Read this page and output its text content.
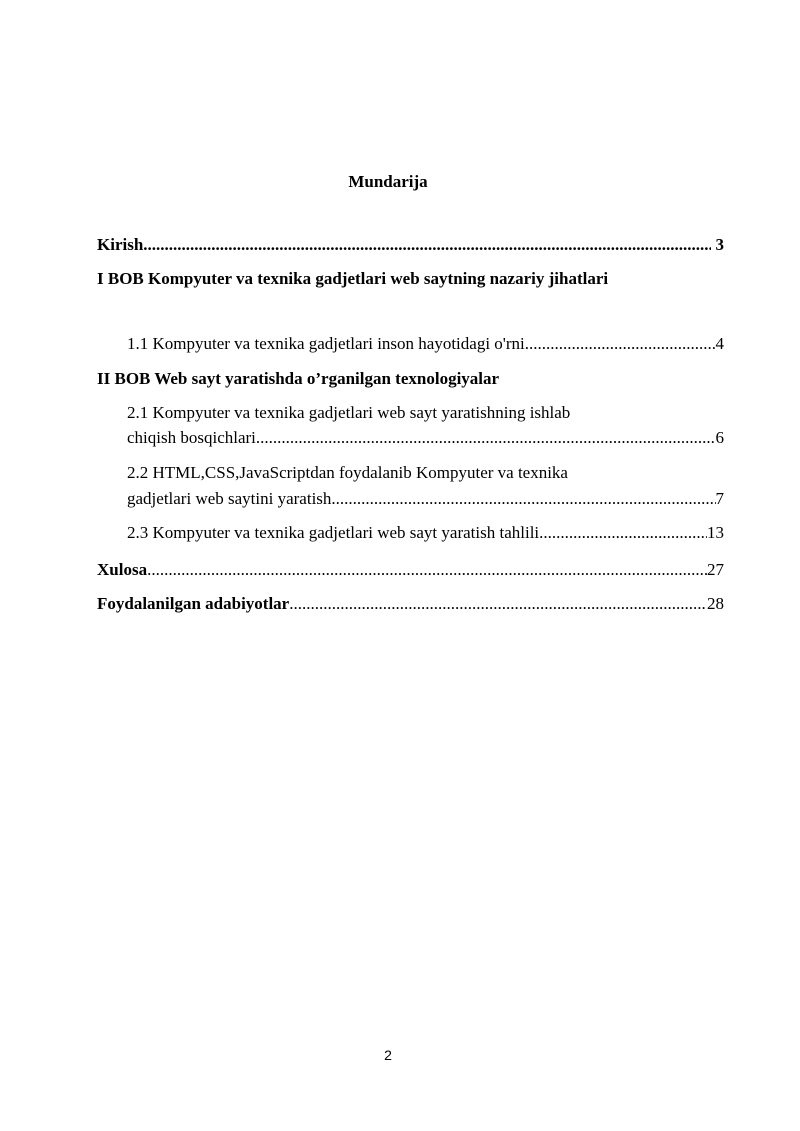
Mundarija
Kirish .....	3
I BOB Kompyuter va texnika gadjetlari web saytning nazariy jihatlari
1.1 Kompyuter va texnika gadjetlari inson hayotidagi o'rni .....	4
II BOB Web sayt yaratishda o’rganilgan texnologiyalar
2.1 Kompyuter va texnika gadjetlari web sayt yaratishning ishlab
chiqish bosqichlari .....	6
2.2 HTML,CSS,JavaScriptdan foydalanib Kompyuter va texnika
gadjetlari web saytini yaratish .....	7
2.3 Kompyuter va texnika gadjetlari web sayt yaratish tahlili .....	13
Xulosa .....	27
Foydalanilgan adabiyotlar .....	28
2
